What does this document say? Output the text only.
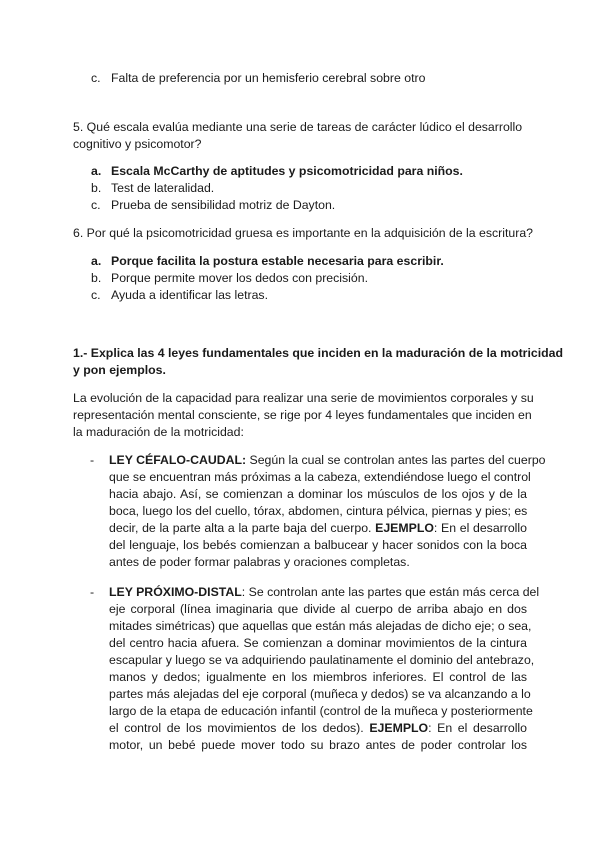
c. Falta de preferencia por un hemisferio cerebral sobre otro
5. Qué escala evalúa mediante una serie de tareas de carácter lúdico el desarrollo
cognitivo y psicomotor?
a. Escala McCarthy de aptitudes y psicomotricidad para niños.
b. Test de lateralidad.
c. Prueba de sensibilidad motriz de Dayton.
6. Por qué la psicomotricidad gruesa es importante en la adquisición de la escritura?
a. Porque facilita la postura estable necesaria para escribir.
b. Porque permite mover los dedos con precisión.
c. Ayuda a identificar las letras.
1.- Explica las 4 leyes fundamentales que inciden en la maduración de la motricidad
y pon ejemplos.
La evolución de la capacidad para realizar una serie de movimientos corporales y su
representación mental consciente, se rige por 4 leyes fundamentales que inciden en
la maduración de la motricidad:
- LEY CÉFALO-CAUDAL: Según la cual se controlan antes las partes del cuerpo
que se encuentran más próximas a la cabeza, extendiéndose luego el control
hacia abajo. Así, se comienzan a dominar los músculos de los ojos y de la
boca, luego los del cuello, tórax, abdomen, cintura pélvica, piernas y pies; es
decir, de la parte alta a la parte baja del cuerpo. EJEMPLO: En el desarrollo
del lenguaje, los bebés comienzan a balbucear y hacer sonidos con la boca
antes de poder formar palabras y oraciones completas.
- LEY PRÓXIMO-DISTAL: Se controlan ante las partes que están más cerca del
eje corporal (línea imaginaria que divide al cuerpo de arriba abajo en dos
mitades simétricas) que aquellas que están más alejadas de dicho eje; o sea,
del centro hacia afuera. Se comienzan a dominar movimientos de la cintura
escapular y luego se va adquiriendo paulatinamente el dominio del antebrazo,
manos y dedos; igualmente en los miembros inferiores. El control de las
partes más alejadas del eje corporal (muñeca y dedos) se va alcanzando a lo
largo de la etapa de educación infantil (control de la muñeca y posteriormente
el control de los movimientos de los dedos). EJEMPLO: En el desarrollo
motor, un bebé puede mover todo su brazo antes de poder controlar los
